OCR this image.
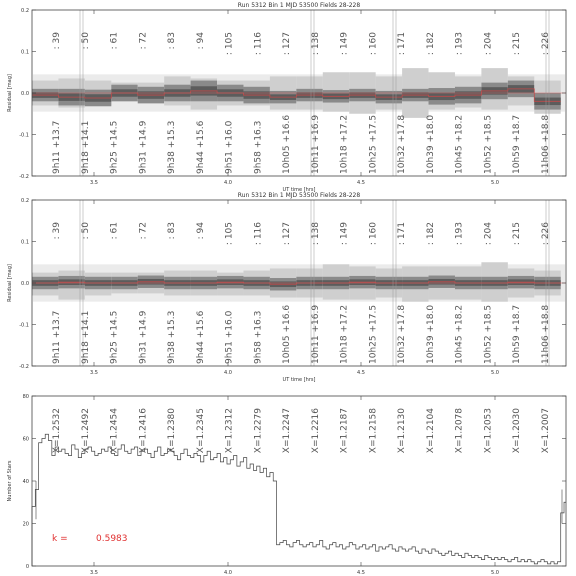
: 39 : 50 : 61 : 72 : 83 : 94 : 105 : 116 : 127 : 138 : 149 : 160 : 171 : 182 : 193 : 204 : 215 : 226
9h11 +13.7 9h18 +14.1 9h25 +14.5 9h31 +14.9 9h38 +15.3 9h44 +15.6 9h51 +16.0 9h58 +16.3 10h05 +16.6 10h11 +16.9 10h18 +17.2 10h25 +17.5 10h32 +17.8 10h39 +18.0 10h45 +18.2 10h52 +18.5 10h59 +18.7 11h06 +18.8
-0.2
-0.1
0.0
0.1
0.2
3.5	4.0	4.5	5.0
UT time [hrs]
Residual [mag]
Run 5312 Bin 1 MJD 53500 Fields 28-228
: 39 : 50 : 61 : 72 : 83 : 94 : 105 : 116 : 127 : 138 : 149 : 160 : 171 : 182 : 193 : 204 : 215 : 226
9h11 +13.7 9h18 +14.1 9h25 +14.5 9h31 +14.9 9h38 +15.3 9h44 +15.6 9h51 +16.0 9h58 +16.3 10h05 +16.6 10h11 +16.9 10h18 +17.2 10h25 +17.5 10h32 +17.8 10h39 +18.0 10h45 +18.2 10h52 +18.5 10h59 +18.7 11h06 +18.8
-0.2
-0.1
0.0
0.1
0.2
3.5	4.0	4.5	5.0
UT time [hrs]
Residual [mag]
Run 5312 Bin 1 MJD 53500 Fields 28-228
X=1.2532 X=1.2492 X=1.2454 X=1.2416 X=1.2380 X=1.2345 X=1.2312 X=1.2279 X=1.2247 X=1.2216 X=1.2187 X=1.2158 X=1.2130 X=1.2104 X=1.2078 X=1.2053 X=1.2030 X=1.2007
k =	0.5983
0
20
40
60
80
3.5	4.0	4.5	5.0
Number of Stars
